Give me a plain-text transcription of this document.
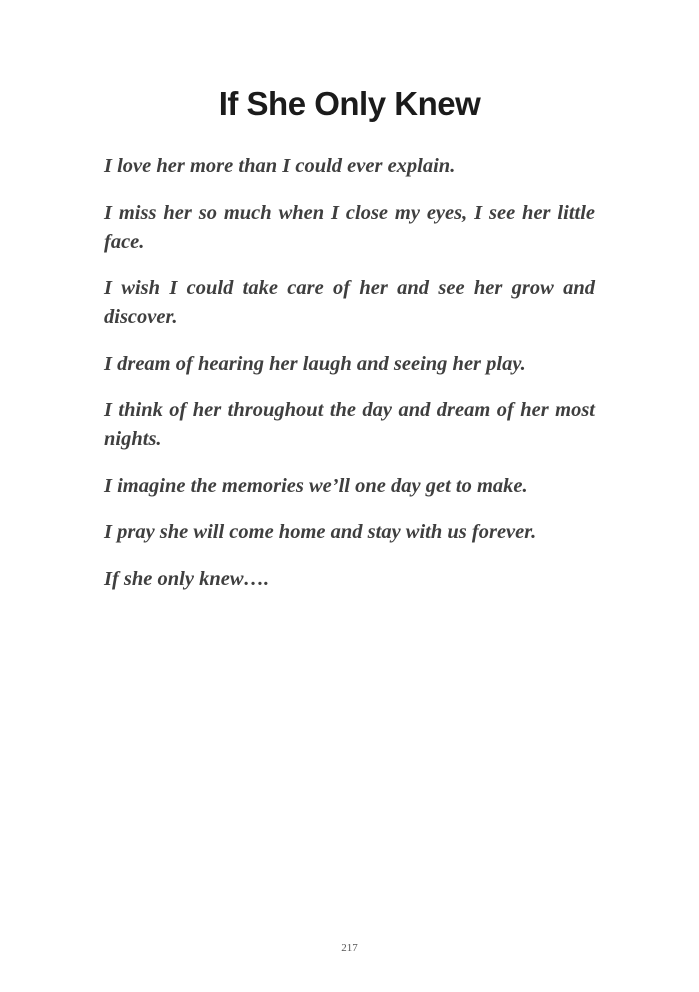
If She Only Knew

I love her more than I could ever explain.

I miss her so much when I close my eyes, I see her little face.

I wish I could take care of her and see her grow and discover.

I dream of hearing her laugh and seeing her play.

I think of her throughout the day and dream of her most nights.

I imagine the memories we’ll one day get to make.

I pray she will come home and stay with us forever.

If she only knew….

217
